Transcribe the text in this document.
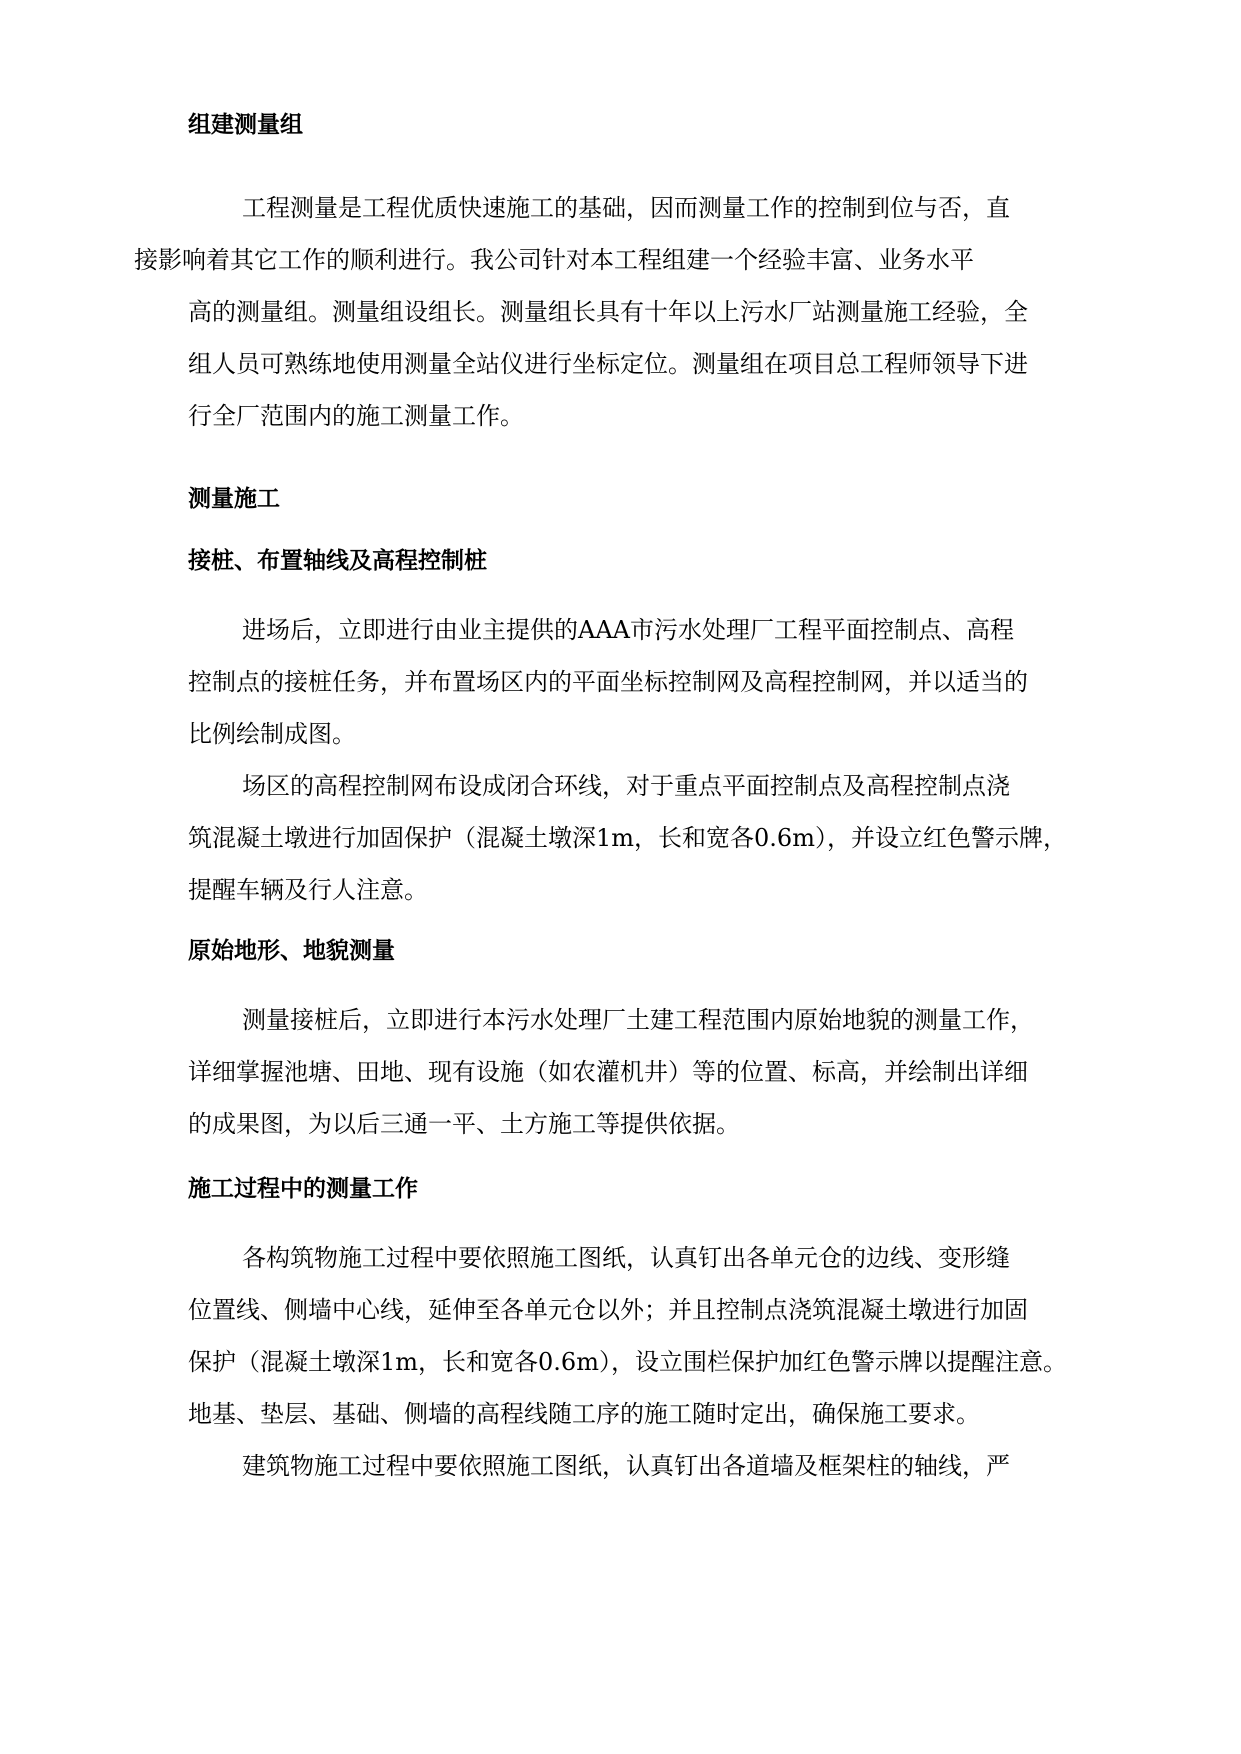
组建测量组
工程测量是工程优质快速施工的基础，因而测量工作的控制到位与否，直
接影响着其它工作的顺利进行。我公司针对本工程组建一个经验丰富、业务水平
高的测量组。测量组设组长。测量组长具有十年以上污水厂站测量施工经验，全
组人员可熟练地使用测量全站仪进行坐标定位。测量组在项目总工程师领导下进
行全厂范围内的施工测量工作。
测量施工
接桩、布置轴线及高程控制桩
进场后，立即进行由业主提供的AAA市污水处理厂工程平面控制点、高程
控制点的接桩任务，并布置场区内的平面坐标控制网及高程控制网，并以适当的
比例绘制成图。
场区的高程控制网布设成闭合环线，对于重点平面控制点及高程控制点浇
筑混凝土墩进行加固保护（混凝土墩深1m，长和宽各0.6m），并设立红色警示牌，
提醒车辆及行人注意。
原始地形、地貌测量
测量接桩后，立即进行本污水处理厂土建工程范围内原始地貌的测量工作，
详细掌握池塘、田地、现有设施（如农灌机井）等的位置、标高，并绘制出详细
的成果图，为以后三通一平、土方施工等提供依据。
施工过程中的测量工作
各构筑物施工过程中要依照施工图纸，认真钉出各单元仓的边线、变形缝
位置线、侧墙中心线，延伸至各单元仓以外；并且控制点浇筑混凝土墩进行加固
保护（混凝土墩深1m，长和宽各0.6m），设立围栏保护加红色警示牌以提醒注意。
地基、垫层、基础、侧墙的高程线随工序的施工随时定出，确保施工要求。
建筑物施工过程中要依照施工图纸，认真钉出各道墙及框架柱的轴线，严
